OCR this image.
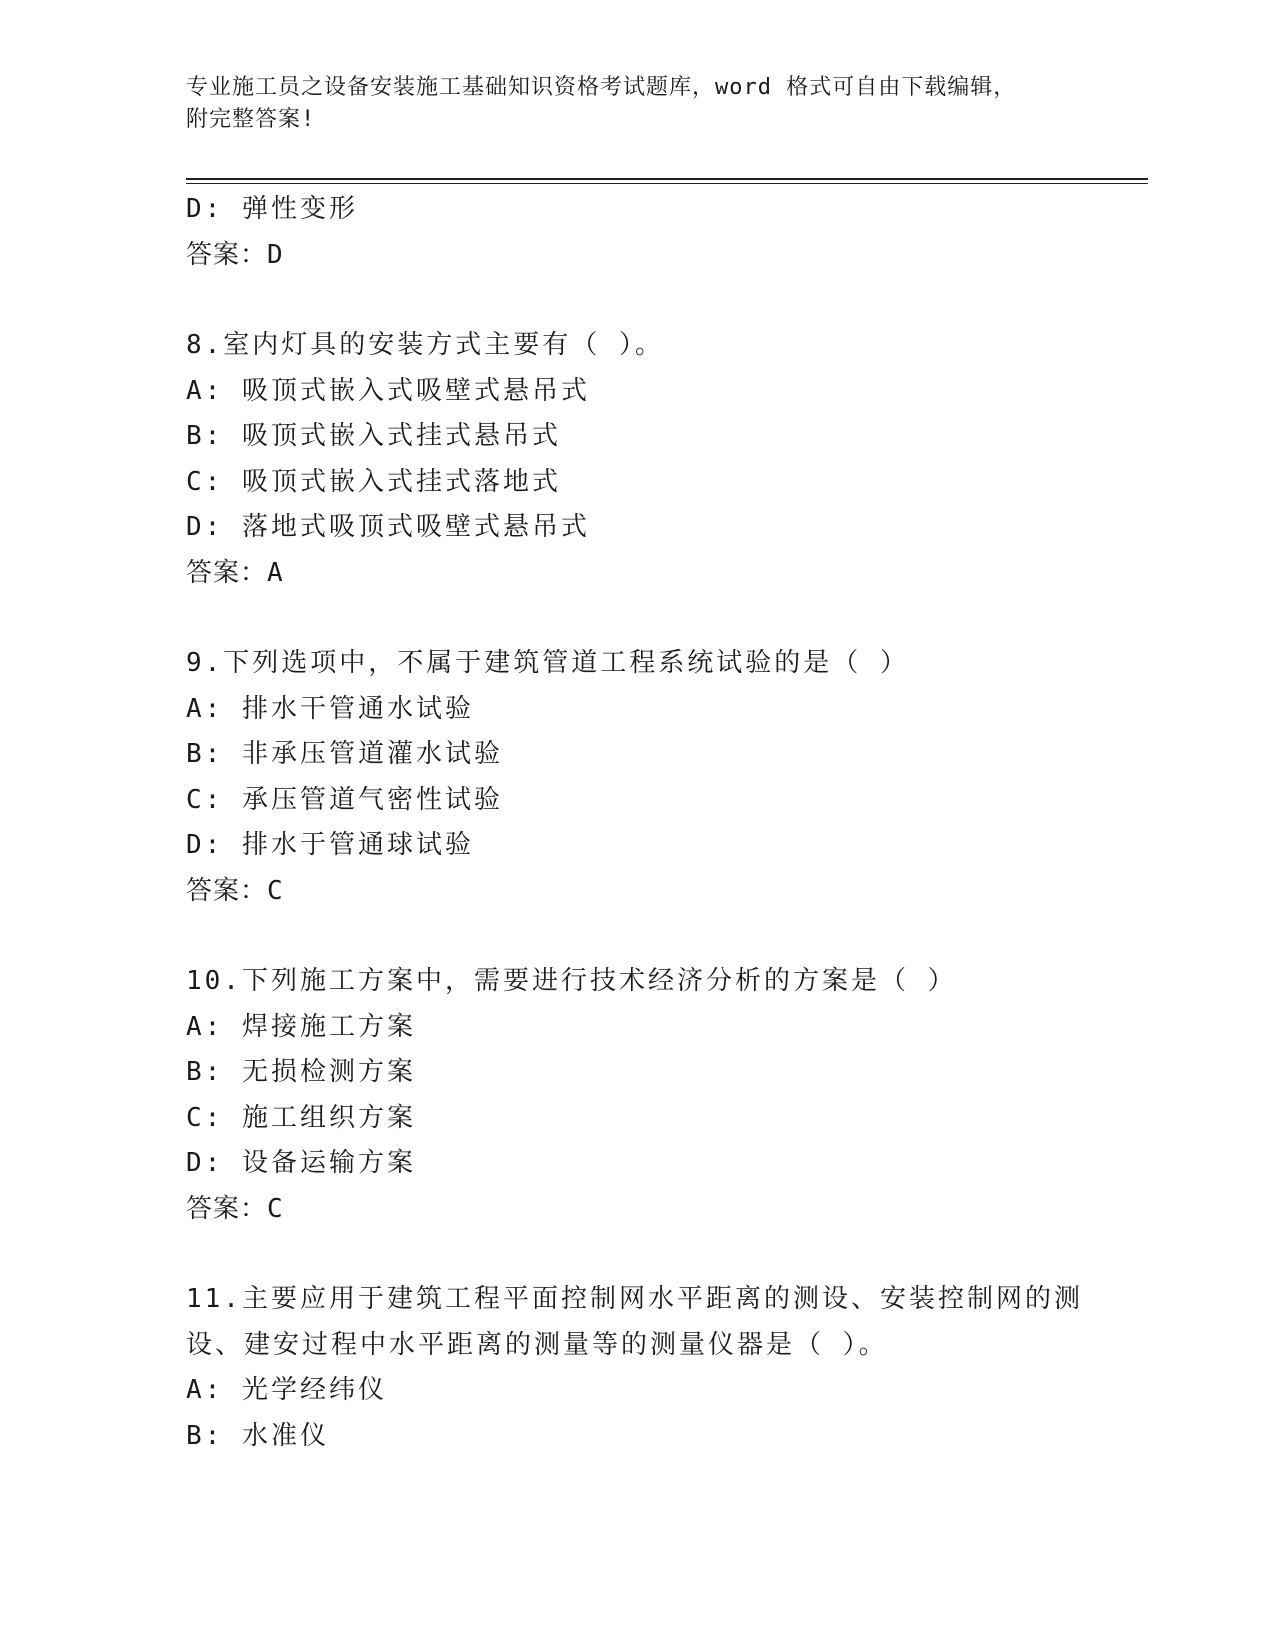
专业施工员之设备安装施工基础知识资格考试题库，word 格式可自由下载编辑，
附完整答案!
D: 弹性变形
答案：D
8.室内灯具的安装方式主要有（ ）。
A: 吸顶式嵌入式吸壁式悬吊式
B: 吸顶式嵌入式挂式悬吊式
C: 吸顶式嵌入式挂式落地式
D: 落地式吸顶式吸壁式悬吊式
答案：A
9.下列选项中，不属于建筑管道工程系统试验的是（ ）
A: 排水干管通水试验
B: 非承压管道灌水试验
C: 承压管道气密性试验
D: 排水于管通球试验
答案：C
10.下列施工方案中，需要进行技术经济分析的方案是（ ）
A: 焊接施工方案
B: 无损检测方案
C: 施工组织方案
D: 设备运输方案
答案：C
11.主要应用于建筑工程平面控制网水平距离的测设、安装控制网的测
设、建安过程中水平距离的测量等的测量仪器是（ ）。
A: 光学经纬仪
B: 水准仪
